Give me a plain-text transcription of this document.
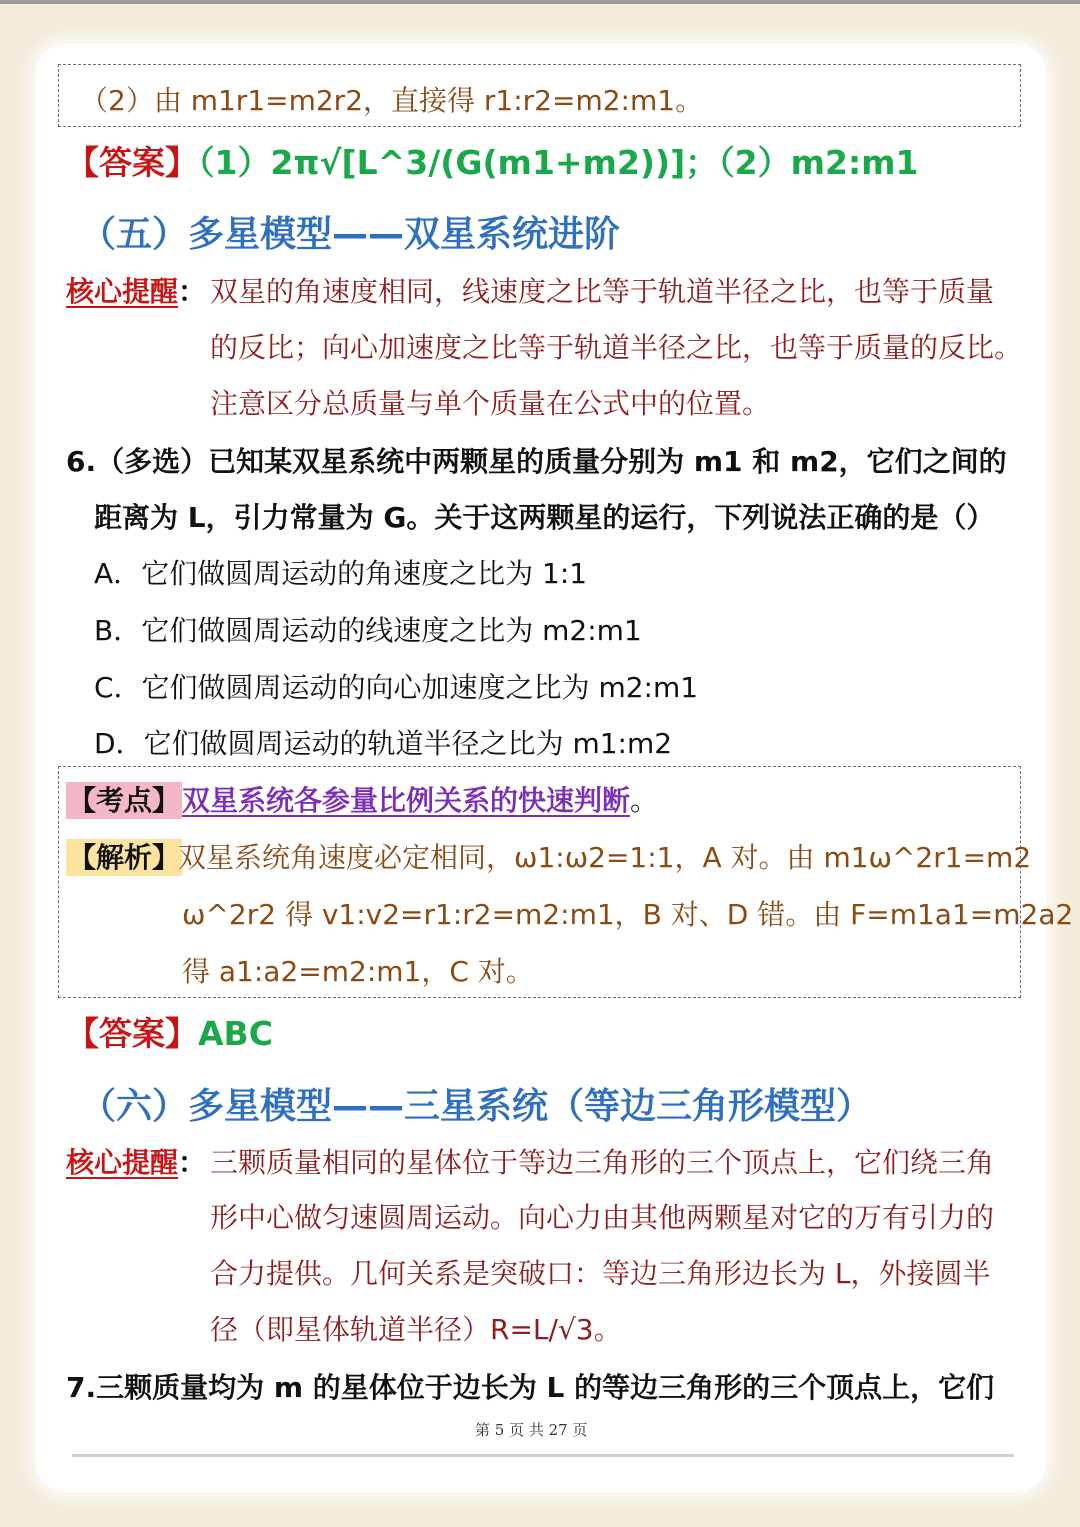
（2）由 m1r1=m2r2，直接得 r1:r2=m2:m1。
【答案】（1）2π√[L^3/(G(m1+m2))]；（2）m2:m1
（五）多星模型——双星系统进阶
核心提醒： 双星的角速度相同，线速度之比等于轨道半径之比，也等于质量
的反比；向心加速度之比等于轨道半径之比，也等于质量的反比。
注意区分总质量与单个质量在公式中的位置。
6.（多选）已知某双星系统中两颗星的质量分别为 m1 和 m2，它们之间的
距离为 L，引力常量为 G。关于这两颗星的运行，下列说法正确的是（）
A．它们做圆周运动的角速度之比为 1:1
B．它们做圆周运动的线速度之比为 m2:m1
C．它们做圆周运动的向心加速度之比为 m2:m1
D．它们做圆周运动的轨道半径之比为 m1:m2
【考点】双星系统各参量比例关系的快速判断。
【解析】
双星系统角速度必定相同，ω1:ω2=1:1，A 对。由 m1ω^2r1=m2
ω^2r2 得 v1:v2=r1:r2=m2:m1，B 对、D 错。由 F=m1a1=m2a2
得 a1:a2=m2:m1，C 对。
【答案】ABC
（六）多星模型——三星系统（等边三角形模型）
核心提醒： 三颗质量相同的星体位于等边三角形的三个顶点上，它们绕三角
形中心做匀速圆周运动。向心力由其他两颗星对它的万有引力的
合力提供。几何关系是突破口：等边三角形边长为 L，外接圆半
径（即星体轨道半径）R=L/√3。
7.三颗质量均为 m 的星体位于边长为 L 的等边三角形的三个顶点上，它们
第 5 页 共 27 页
